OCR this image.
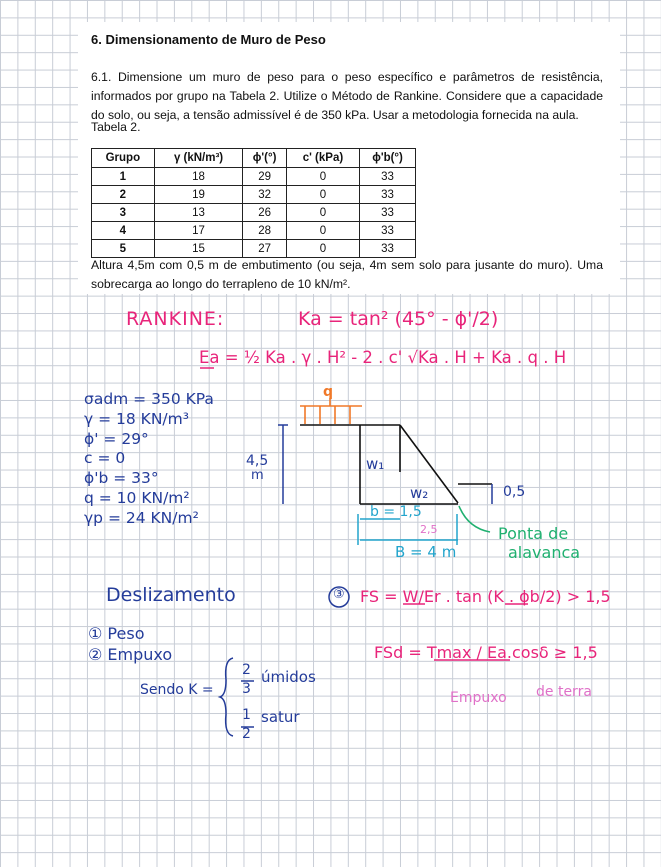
6. Dimensionamento de Muro de Peso
6.1. Dimensione um muro de peso para o peso específico e parâmetros de resistência, informados por grupo na Tabela 2. Utilize o Método de Rankine. Considere que a capacidade do solo, ou seja, a tensão admissível é de 350 kPa. Usar a metodologia fornecida na aula.
Tabela 2.
Grupo	γ (kN/m³)	ϕ'(°)	c' (kPa)	ϕ'b(°)
1	18	29	0	33
2	19	32	0	33
3	13	26	0	33
4	17	28	0	33
5	15	27	0	33
Altura 4,5m com 0,5 m de embutimento (ou seja, 4m sem solo para jusante do muro). Uma sobrecarga ao longo do terrapleno de 10 kN/m².
RANKINE:	Ka = tan² (45° - ϕ'/2)
Ea = ½ Ka . γ . H² - 2 . c' √Ka . H + Ka . q . H
σadm = 350 KPa
γ = 18 KN/m³
ϕ' = 29°
c = 0
ϕ'b = 33°
q = 10 KN/m²
γp = 24 KN/m²
q
4,5
m
w₁
w₂	0,5
b = 1,5
2,5
B = 4 m
Ponta de
alavanca
Deslizamento
① Peso
② Empuxo
Sendo K =
2
3
úmidos
1
2
satur
③ FS = W/Er . tan (K . ϕb/2) > 1,5
FSd = Tmax / Ea.cosδ ≥ 1,5
Empuxo de terra
